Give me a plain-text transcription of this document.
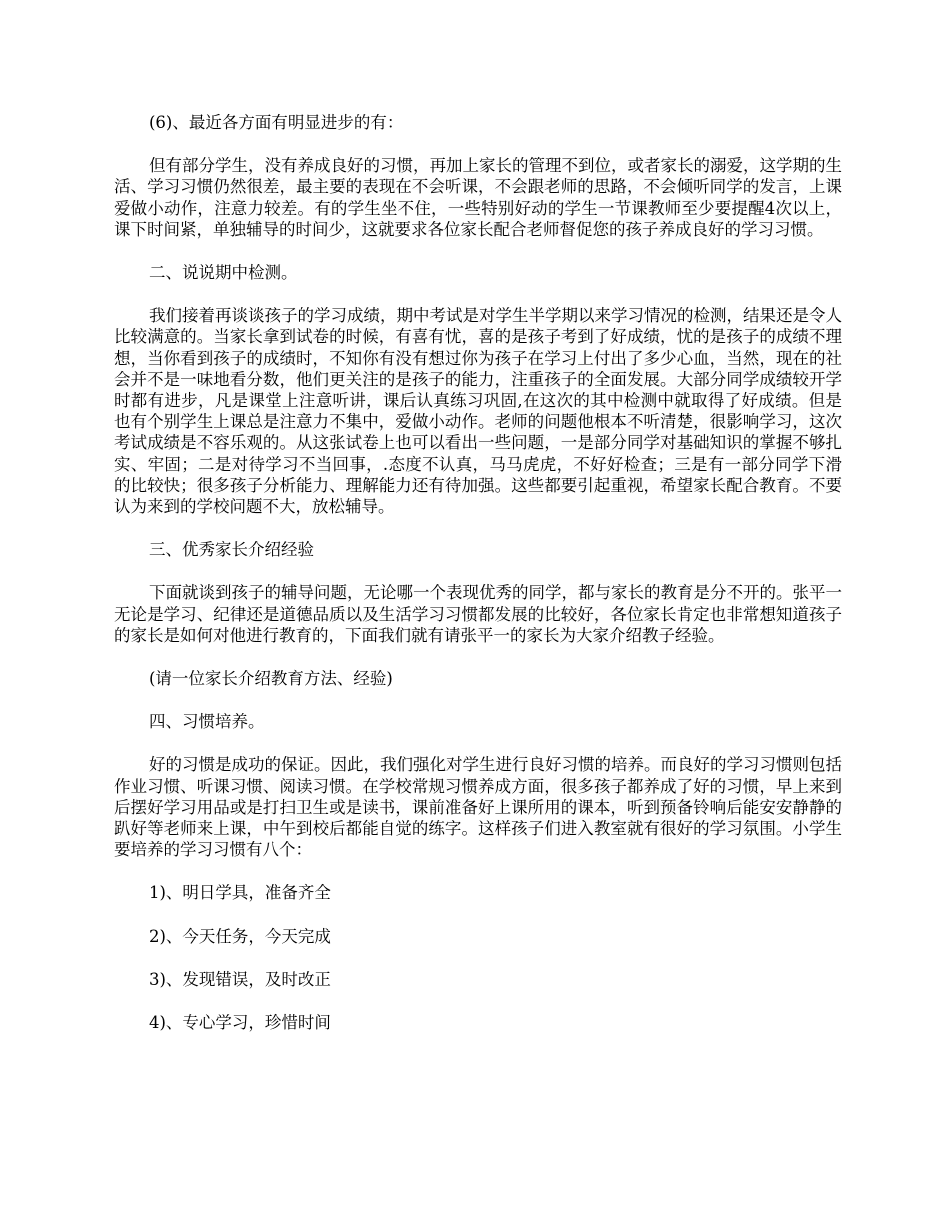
(6)、最近各方面有明显进步的有：

但有部分学生，没有养成良好的习惯，再加上家长的管理不到位，或者家长的溺爱，这学期的生活、学习习惯仍然很差，最主要的表现在不会听课，不会跟老师的思路，不会倾听同学的发言，上课爱做小动作，注意力较差。有的学生坐不住，一些特别好动的学生一节课教师至少要提醒4次以上，课下时间紧，单独辅导的时间少，这就要求各位家长配合老师督促您的孩子养成良好的学习习惯。

二、说说期中检测。

我们接着再谈谈孩子的学习成绩，期中考试是对学生半学期以来学习情况的检测，结果还是令人比较满意的。当家长拿到试卷的时候，有喜有忧，喜的是孩子考到了好成绩，忧的是孩子的成绩不理想，当你看到孩子的成绩时，不知你有没有想过你为孩子在学习上付出了多少心血，当然，现在的社会并不是一味地看分数，他们更关注的是孩子的能力，注重孩子的全面发展。大部分同学成绩较开学时都有进步，凡是课堂上注意听讲，课后认真练习巩固,在这次的其中检测中就取得了好成绩。但是也有个别学生上课总是注意力不集中，爱做小动作。老师的问题他根本不听清楚，很影响学习，这次考试成绩是不容乐观的。从这张试卷上也可以看出一些问题，一是部分同学对基础知识的掌握不够扎实、牢固；二是对待学习不当回事，.态度不认真，马马虎虎，不好好检查；三是有一部分同学下滑的比较快；很多孩子分析能力、理解能力还有待加强。这些都要引起重视，希望家长配合教育。不要认为来到的学校问题不大，放松辅导。

三、优秀家长介绍经验

下面就谈到孩子的辅导问题，无论哪一个表现优秀的同学，都与家长的教育是分不开的。张平一无论是学习、纪律还是道德品质以及生活学习习惯都发展的比较好，各位家长肯定也非常想知道孩子的家长是如何对他进行教育的，下面我们就有请张平一的家长为大家介绍教子经验。

(请一位家长介绍教育方法、经验)

四、习惯培养。

好的习惯是成功的保证。因此，我们强化对学生进行良好习惯的培养。而良好的学习习惯则包括作业习惯、听课习惯、阅读习惯。在学校常规习惯养成方面，很多孩子都养成了好的习惯，早上来到后摆好学习用品或是打扫卫生或是读书，课前准备好上课所用的课本，听到预备铃响后能安安静静的趴好等老师来上课，中午到校后都能自觉的练字。这样孩子们进入教室就有很好的学习氛围。小学生要培养的学习习惯有八个：

1)、明日学具，准备齐全

2)、今天任务，今天完成

3)、发现错误，及时改正

4)、专心学习，珍惜时间
